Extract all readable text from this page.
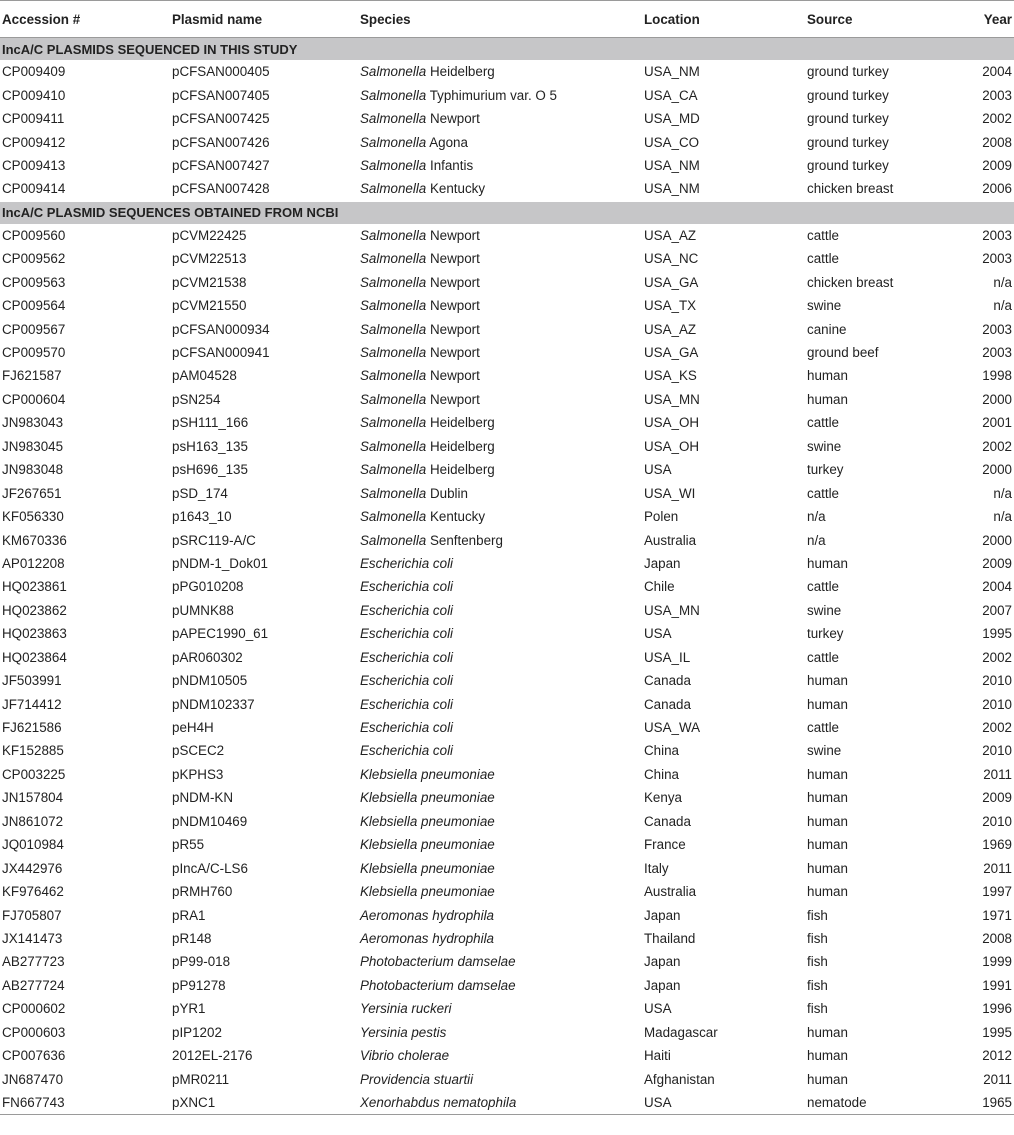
Accession #	Plasmid name	Species	Location	Source	Year
IncA/C PLASMIDS SEQUENCED IN THIS STUDY					
CP009409	pCFSAN000405	Salmonella Heidelberg	USA_NM	ground turkey	2004
CP009410	pCFSAN007405	Salmonella Typhimurium var. O 5	USA_CA	ground turkey	2003
CP009411	pCFSAN007425	Salmonella Newport	USA_MD	ground turkey	2002
CP009412	pCFSAN007426	Salmonella Agona	USA_CO	ground turkey	2008
CP009413	pCFSAN007427	Salmonella Infantis	USA_NM	ground turkey	2009
CP009414	pCFSAN007428	Salmonella Kentucky	USA_NM	chicken breast	2006
IncA/C PLASMID SEQUENCES OBTAINED FROM NCBI					
CP009560	pCVM22425	Salmonella Newport	USA_AZ	cattle	2003
CP009562	pCVM22513	Salmonella Newport	USA_NC	cattle	2003
CP009563	pCVM21538	Salmonella Newport	USA_GA	chicken breast	n/a
CP009564	pCVM21550	Salmonella Newport	USA_TX	swine	n/a
CP009567	pCFSAN000934	Salmonella Newport	USA_AZ	canine	2003
CP009570	pCFSAN000941	Salmonella Newport	USA_GA	ground beef	2003
FJ621587	pAM04528	Salmonella Newport	USA_KS	human	1998
CP000604	pSN254	Salmonella Newport	USA_MN	human	2000
JN983043	pSH111_166	Salmonella Heidelberg	USA_OH	cattle	2001
JN983045	psH163_135	Salmonella Heidelberg	USA_OH	swine	2002
JN983048	psH696_135	Salmonella Heidelberg	USA	turkey	2000
JF267651	pSD_174	Salmonella Dublin	USA_WI	cattle	n/a
KF056330	p1643_10	Salmonella Kentucky	Polen	n/a	n/a
KM670336	pSRC119-A/C	Salmonella Senftenberg	Australia	n/a	2000
AP012208	pNDM-1_Dok01	Escherichia coli	Japan	human	2009
HQ023861	pPG010208	Escherichia coli	Chile	cattle	2004
HQ023862	pUMNK88	Escherichia coli	USA_MN	swine	2007
HQ023863	pAPEC1990_61	Escherichia coli	USA	turkey	1995
HQ023864	pAR060302	Escherichia coli	USA_IL	cattle	2002
JF503991	pNDM10505	Escherichia coli	Canada	human	2010
JF714412	pNDM102337	Escherichia coli	Canada	human	2010
FJ621586	peH4H	Escherichia coli	USA_WA	cattle	2002
KF152885	pSCEC2	Escherichia coli	China	swine	2010
CP003225	pKPHS3	Klebsiella pneumoniae	China	human	2011
JN157804	pNDM-KN	Klebsiella pneumoniae	Kenya	human	2009
JN861072	pNDM10469	Klebsiella pneumoniae	Canada	human	2010
JQ010984	pR55	Klebsiella pneumoniae	France	human	1969
JX442976	pIncA/C-LS6	Klebsiella pneumoniae	Italy	human	2011
KF976462	pRMH760	Klebsiella pneumoniae	Australia	human	1997
FJ705807	pRA1	Aeromonas hydrophila	Japan	fish	1971
JX141473	pR148	Aeromonas hydrophila	Thailand	fish	2008
AB277723	pP99-018	Photobacterium damselae	Japan	fish	1999
AB277724	pP91278	Photobacterium damselae	Japan	fish	1991
CP000602	pYR1	Yersinia ruckeri	USA	fish	1996
CP000603	pIP1202	Yersinia pestis	Madagascar	human	1995
CP007636	2012EL-2176	Vibrio cholerae	Haiti	human	2012
JN687470	pMR0211	Providencia stuartii	Afghanistan	human	2011
FN667743	pXNC1	Xenorhabdus nematophila	USA	nematode	1965
